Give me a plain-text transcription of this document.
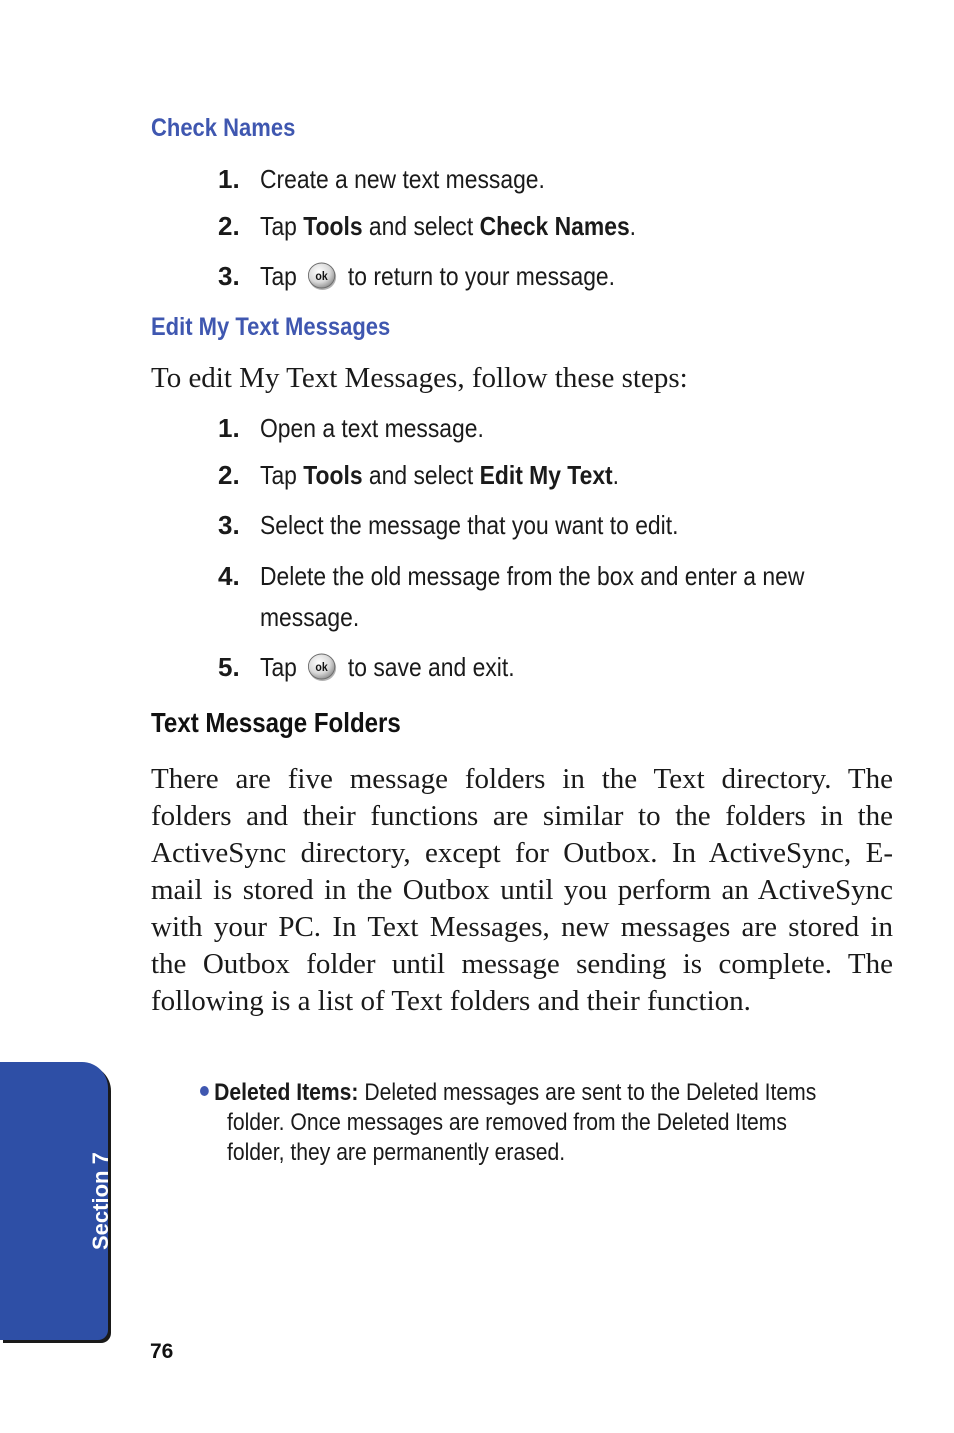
Check Names
1. Create a new text message.
2. Tap Tools and select Check Names.
3. Tap ok to return to your message.
Edit My Text Messages
To edit My Text Messages, follow these steps:
1. Open a text message.
2. Tap Tools and select Edit My Text.
3. Select the message that you want to edit.
4. Delete the old message from the box and enter a new
message.
5. Tap ok to save and exit.
Text Message Folders

There are five message folders in the Text directory. The folders and their functions are similar to the folders in the ActiveSync directory, except for Outbox. In ActiveSync, E-mail is stored in the Outbox until you perform an ActiveSync with your PC. In Text Messages, new messages are stored in the Outbox folder until message sending is complete. The following is a list of Text folders and their function.

Deleted Items: Deleted messages are sent to the Deleted Items
folder. Once messages are removed from the Deleted Items
folder, they are permanently erased.
Section 7
76
